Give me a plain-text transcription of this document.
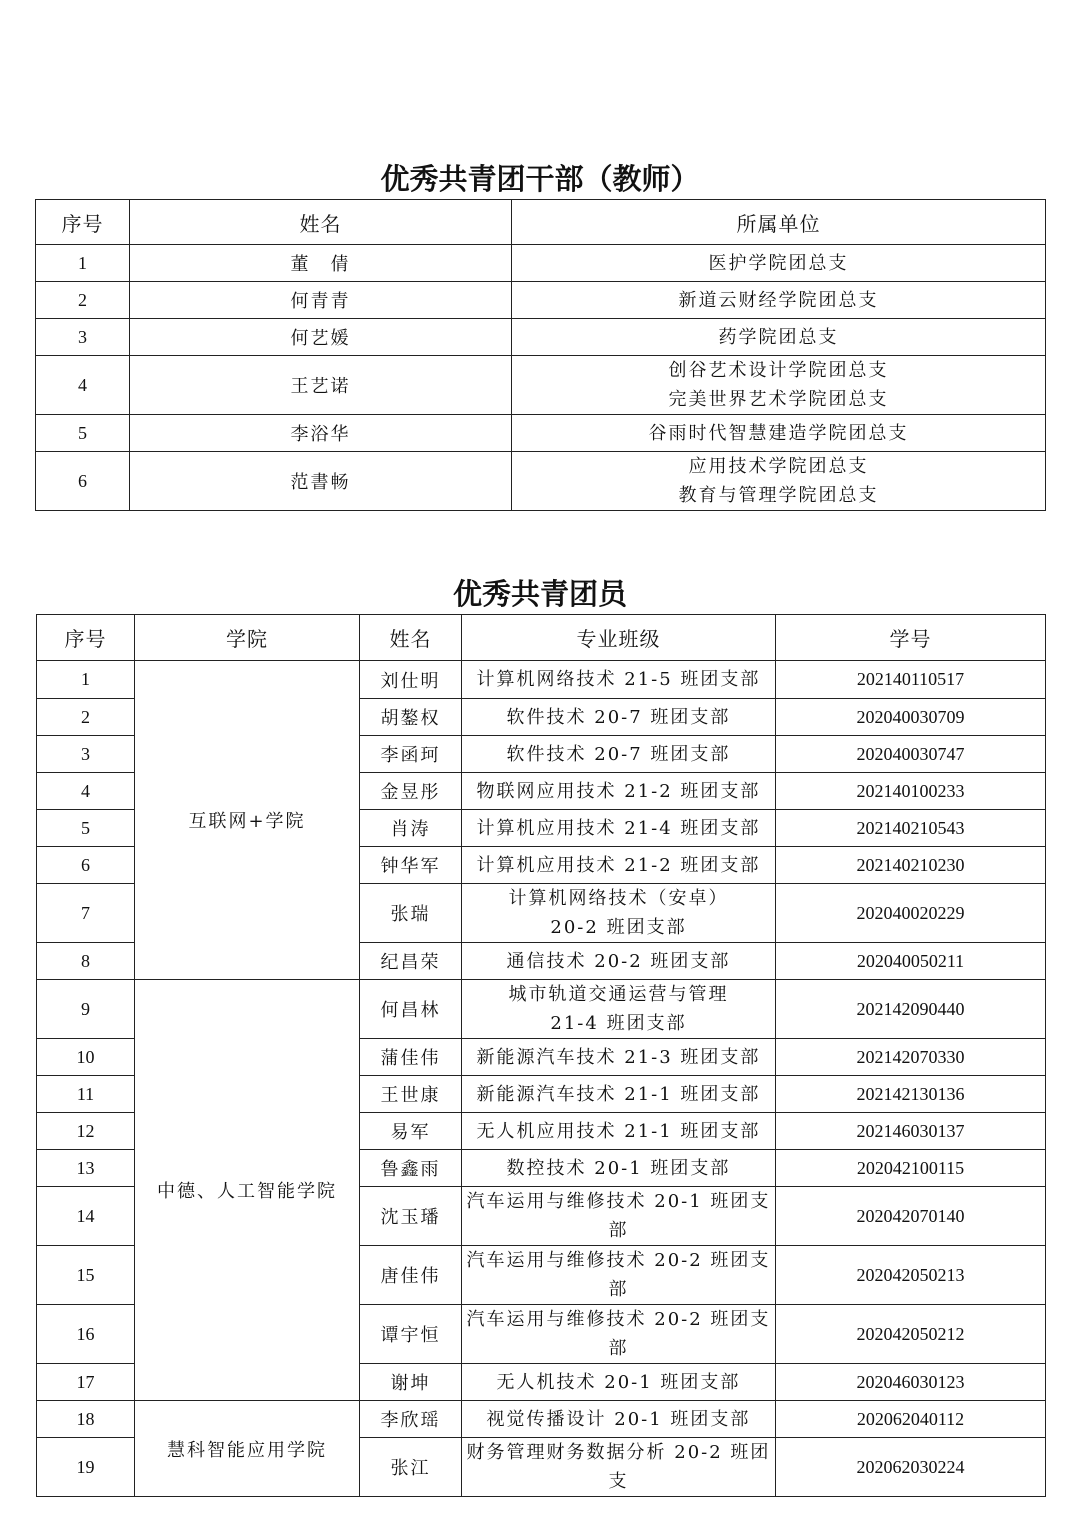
优秀共青团干部（教师）
序号	姓名	所属单位
1	董　倩	医护学院团总支

2	何青青	新道云财经学院团总支

3	何艺媛	药学院团总支

4	王艺诺	创谷艺术设计学院团总支
完美世界艺术学院团总支

5	李浴华	谷雨时代智慧建造学院团总支

6	范書畅	应用技术学院团总支
教育与管理学院团总支
优秀共青团员
序号	学院	姓名	专业班级	学号
1	互联网+学院	刘仕明	计算机网络技术 21-5 班团支部	202140110517
2		胡鏊权	软件技术 20-7 班团支部	202040030709
3		李函珂	软件技术 20-7 班团支部	202040030747
4		金昱彤	物联网应用技术 21-2 班团支部	202140100233
5		肖涛	计算机应用技术 21-4 班团支部	202140210543
6		钟华军	计算机应用技术 21-2 班团支部	202140210230
7		张瑞	计算机网络技术（安卓）
20-2 班团支部	202040020229
8		纪昌荣	通信技术 20-2 班团支部	202040050211
9	中德、人工智能学院	何昌林	城市轨道交通运营与管理
21-4 班团支部	202142090440
10		蒲佳伟	新能源汽车技术 21-3 班团支部	202142070330
11		王世康	新能源汽车技术 21-1 班团支部	202142130136
12		易军	无人机应用技术 21-1 班团支部	202146030137
13		鲁鑫雨	数控技术 20-1 班团支部	202042100115
14		沈玉璠	汽车运用与维修技术 20-1 班团支部	202042070140
15		唐佳伟	汽车运用与维修技术 20-2 班团支部	202042050213
16		谭宇恒	汽车运用与维修技术 20-2 班团支部	202042050212
17		谢坤	无人机技术 20-1 班团支部	202046030123
18	慧科智能应用学院	李欣瑶	视觉传播设计 20-1 班团支部	202062040112
19		张江	财务管理财务数据分析 20-2 班团支	202062030224
